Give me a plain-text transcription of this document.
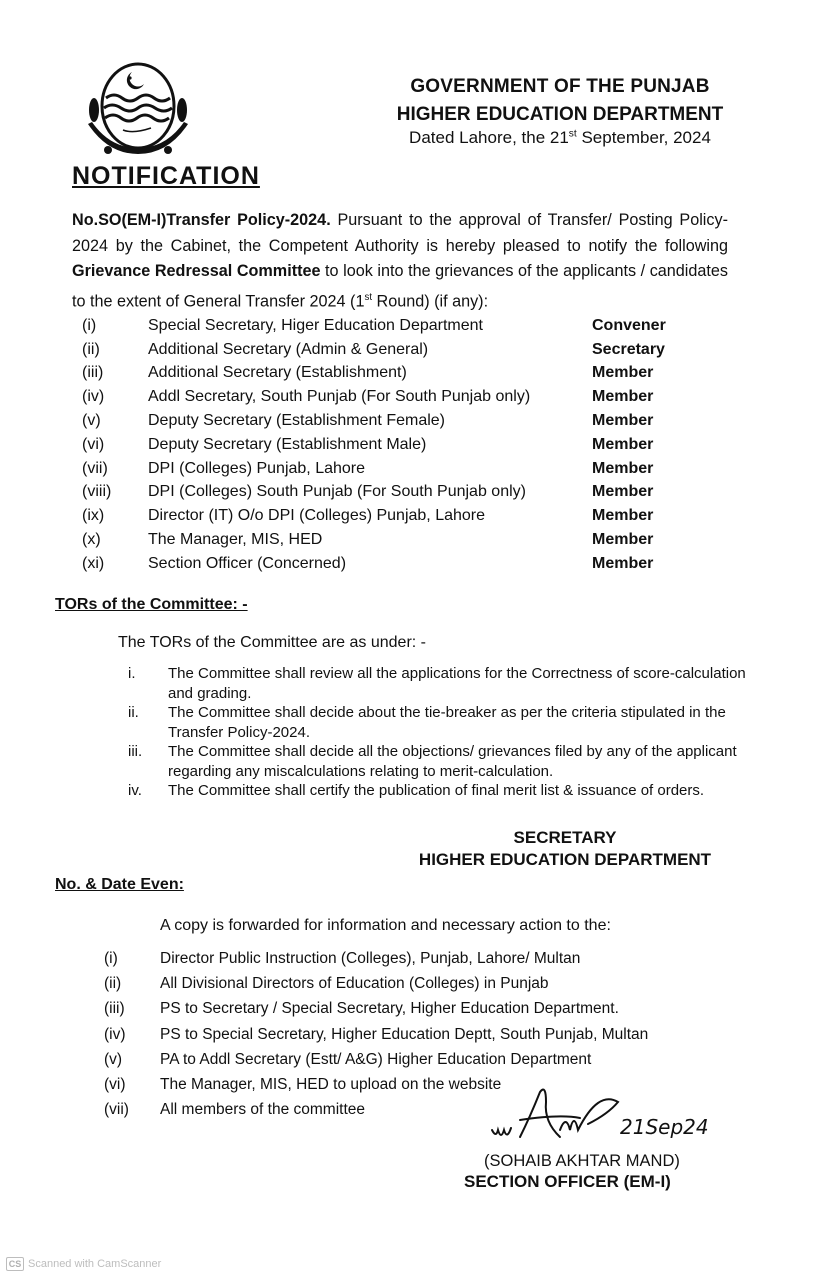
GOVERNMENT OF THE PUNJAB
HIGHER EDUCATION DEPARTMENT
Dated Lahore, the 21st September, 2024
NOTIFICATION
No.SO(EM-I)Transfer Policy-2024. Pursuant to the approval of Transfer/ Posting Policy-2024 by the Cabinet, the Competent Authority is hereby pleased to notify the following Grievance Redressal Committee to look into the grievances of the applicants / candidates to the extent of General Transfer 2024 (1st Round) (if any):
(i)	Special Secretary, Higer Education Department	Convener
(ii)	Additional Secretary (Admin & General)	Secretary
(iii)	Additional Secretary (Establishment)	Member
(iv)	Addl Secretary, South Punjab (For South Punjab only)	Member
(v)	Deputy Secretary (Establishment Female)	Member
(vi)	Deputy Secretary (Establishment Male)	Member
(vii)	DPI (Colleges) Punjab, Lahore	Member
(viii)	DPI (Colleges) South Punjab (For South Punjab only)	Member
(ix)	Director (IT) O/o DPI (Colleges) Punjab, Lahore	Member
(x)	The Manager, MIS, HED	Member
(xi)	Section Officer (Concerned)	Member
TORs of the Committee: -
The TORs of the Committee are as under: -
i.	The Committee shall review all the applications for the Correctness of score-calculation and grading.
ii.	The Committee shall decide about the tie-breaker as per the criteria stipulated in the Transfer Policy-2024.
iii.	The Committee shall decide all the objections/ grievances filed by any of the applicant regarding any miscalculations relating to merit-calculation.
iv.	The Committee shall certify the publication of final merit list & issuance of orders.
SECRETARY
HIGHER EDUCATION DEPARTMENT
No. & Date Even:
A copy is forwarded for information and necessary action to the:
(i)	Director Public Instruction (Colleges), Punjab, Lahore/ Multan
(ii)	All Divisional Directors of Education (Colleges) in Punjab
(iii)	PS to Secretary / Special Secretary, Higher Education Department.
(iv)	PS to Special Secretary, Higher Education Deptt, South Punjab, Multan
(v)	PA to Addl Secretary (Estt/ A&G) Higher Education Department
(vi)	The Manager, MIS, HED to upload on the website
(vii)	All members of the committee
21Sep24
(SOHAIB AKHTAR MAND)
SECTION OFFICER (EM-I)
CS Scanned with CamScanner
